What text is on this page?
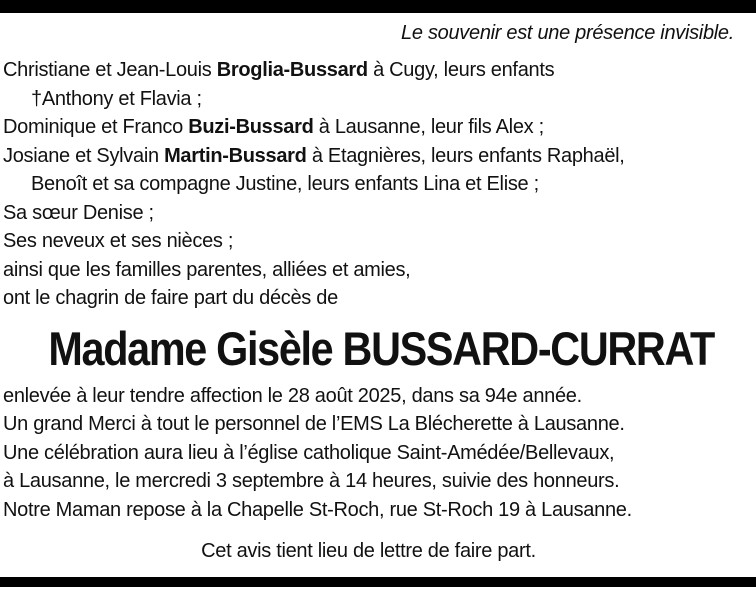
Le souvenir est une présence invisible.
Christiane et Jean-Louis Broglia-Bussard à Cugy, leurs enfants
†Anthony et Flavia ;
Dominique et Franco Buzi-Bussard à Lausanne, leur fils Alex ;
Josiane et Sylvain Martin-Bussard à Etagnières, leurs enfants Raphaël,
Benoît et sa compagne Justine, leurs enfants Lina et Elise ;
Sa sœur Denise ;
Ses neveux et ses nièces ;
ainsi que les familles parentes, alliées et amies,
ont le chagrin de faire part du décès de
Madame Gisèle BUSSARD-CURRAT
enlevée à leur tendre affection le 28 août 2025, dans sa 94e année.
Un grand Merci à tout le personnel de l’EMS La Blécherette à Lausanne.
Une célébration aura lieu à l’église catholique Saint-Amédée/Bellevaux,
à Lausanne, le mercredi 3 septembre à 14 heures, suivie des honneurs.
Notre Maman repose à la Chapelle St-Roch, rue St-Roch 19 à Lausanne.
Cet avis tient lieu de lettre de faire part.
